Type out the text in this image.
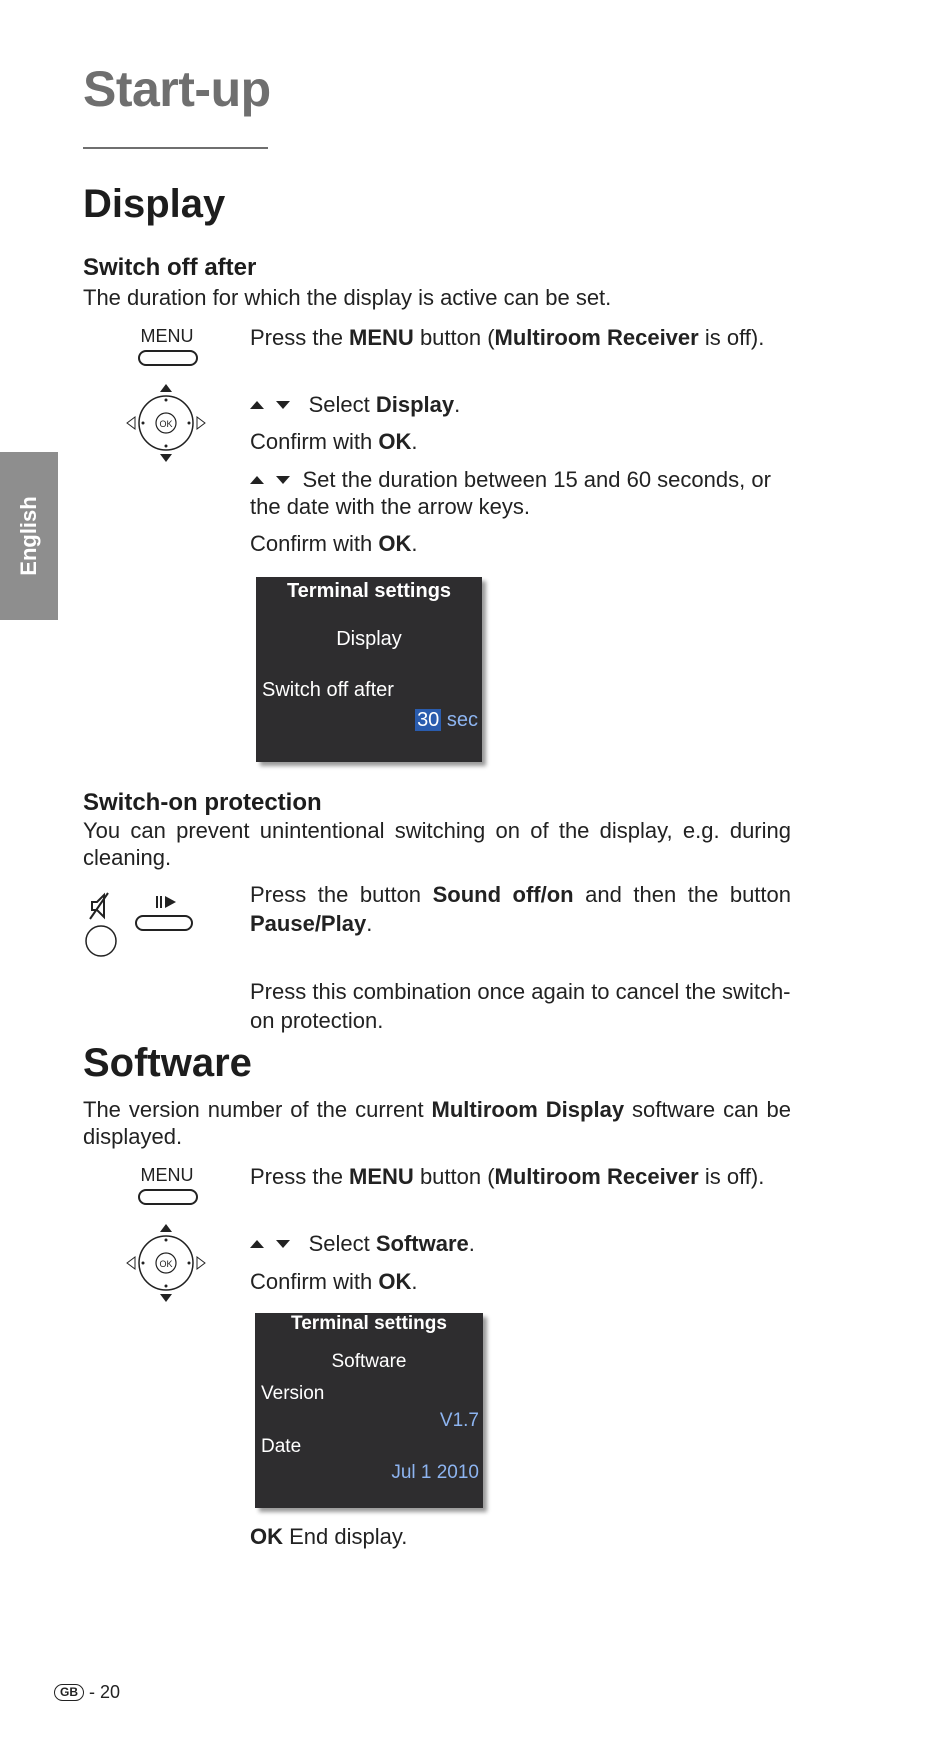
Start-up
English
Display
Switch off after
The duration for which the display is active can be set.
MENU	Press the MENU button (Multiroom Receiver is off).
OK
Select Display.
Confirm with OK.
Set the duration between 15 and 60 seconds, or the date with the arrow keys.
Confirm with OK.
Terminal settings
Display
Switch off after
30 sec
Switch-on protection
You can prevent unintentional switching on of the display, e.g. during cleaning.
Press the button Sound off/on and then the button Pause/Play.
Press this combination once again to cancel the switch-on protection.
Software
The version number of the current Multiroom Display software can be displayed.
MENU	Press the MENU button (Multiroom Receiver is off).
OK
Select Software.
Confirm with OK.
Terminal settings
Software
Version
V1.7
Date
Jul 1 2010
OK End display.
GB - 20
